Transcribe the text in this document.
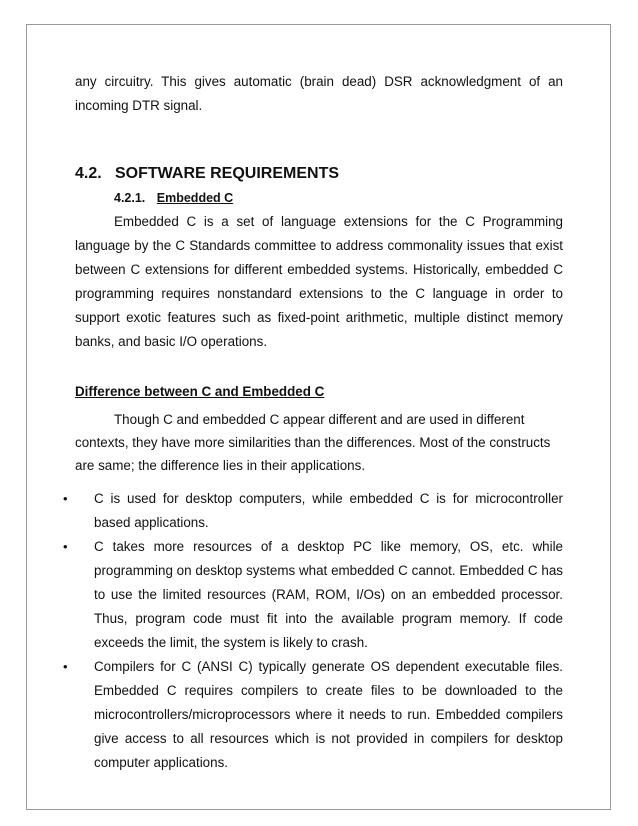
any circuitry. This gives automatic (brain dead) DSR acknowledgment of an incoming DTR signal.

4.2. SOFTWARE REQUIREMENTS
4.2.1. Embedded C

Embedded C is a set of language extensions for the C Programming language by the C Standards committee to address commonality issues that exist between C extensions for different embedded systems. Historically, embedded C programming requires nonstandard extensions to the C language in order to support exotic features such as fixed-point arithmetic, multiple distinct memory banks, and basic I/O operations.

Difference between C and Embedded C

Though C and embedded C appear different and are used in different contexts, they have more similarities than the differences. Most of the constructs are same; the difference lies in their applications.

• C is used for desktop computers, while embedded C is for microcontroller based applications.
• C takes more resources of a desktop PC like memory, OS, etc. while programming on desktop systems what embedded C cannot. Embedded C has to use the limited resources (RAM, ROM, I/Os) on an embedded processor. Thus, program code must fit into the available program memory. If code exceeds the limit, the system is likely to crash.
• Compilers for C (ANSI C) typically generate OS dependent executable files. Embedded C requires compilers to create files to be downloaded to the microcontrollers/microprocessors where it needs to run. Embedded compilers give access to all resources which is not provided in compilers for desktop computer applications.
